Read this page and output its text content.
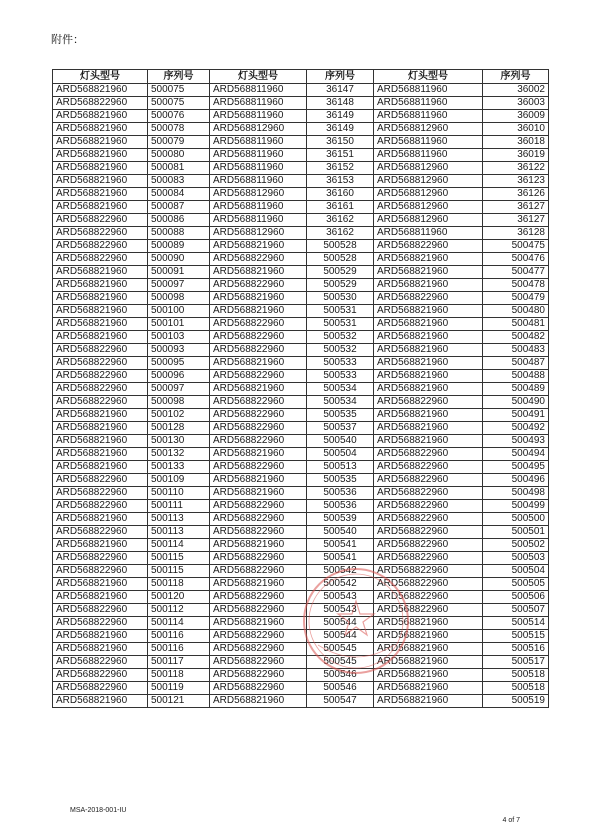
附件：
灯头型号	序列号	灯头型号	序列号	灯头型号	序列号
ARD568821960	500075	ARD568811960	36147	ARD568811960	36002
ARD568822960	500075	ARD568811960	36148	ARD568811960	36003
ARD568821960	500076	ARD568811960	36149	ARD568811960	36009
ARD568821960	500078	ARD568812960	36149	ARD568812960	36010
ARD568821960	500079	ARD568811960	36150	ARD568811960	36018
ARD568821960	500080	ARD568811960	36151	ARD568811960	36019
ARD568821960	500081	ARD568811960	36152	ARD568812960	36122
ARD568821960	500083	ARD568811960	36153	ARD568812960	36123
ARD568821960	500084	ARD568812960	36160	ARD568812960	36126
ARD568821960	500087	ARD568811960	36161	ARD568812960	36127
ARD568822960	500086	ARD568811960	36162	ARD568812960	36127
ARD568822960	500088	ARD568812960	36162	ARD568811960	36128
ARD568822960	500089	ARD568821960	500528	ARD568822960	500475
ARD568822960	500090	ARD568822960	500528	ARD568821960	500476
ARD568821960	500091	ARD568821960	500529	ARD568821960	500477
ARD568821960	500097	ARD568822960	500529	ARD568821960	500478
ARD568821960	500098	ARD568821960	500530	ARD568822960	500479
ARD568821960	500100	ARD568821960	500531	ARD568821960	500480
ARD568821960	500101	ARD568822960	500531	ARD568821960	500481
ARD568821960	500103	ARD568822960	500532	ARD568821960	500482
ARD568822960	500093	ARD568822960	500532	ARD568821960	500483
ARD568822960	500095	ARD568821960	500533	ARD568821960	500487
ARD568822960	500096	ARD568822960	500533	ARD568821960	500488
ARD568822960	500097	ARD568821960	500534	ARD568821960	500489
ARD568822960	500098	ARD568822960	500534	ARD568822960	500490
ARD568821960	500102	ARD568822960	500535	ARD568821960	500491
ARD568821960	500128	ARD568822960	500537	ARD568821960	500492
ARD568821960	500130	ARD568822960	500540	ARD568821960	500493
ARD568821960	500132	ARD568821960	500504	ARD568822960	500494
ARD568821960	500133	ARD568822960	500513	ARD568822960	500495
ARD568822960	500109	ARD568821960	500535	ARD568822960	500496
ARD568822960	500110	ARD568821960	500536	ARD568822960	500498
ARD568822960	500111	ARD568822960	500536	ARD568822960	500499
ARD568821960	500113	ARD568822960	500539	ARD568822960	500500
ARD568822960	500113	ARD568822960	500540	ARD568822960	500501
ARD568821960	500114	ARD568821960	500541	ARD568822960	500502
ARD568822960	500115	ARD568822960	500541	ARD568822960	500503
ARD568822960	500115	ARD568822960	500542	ARD568822960	500504
ARD568821960	500118	ARD568821960	500542	ARD568822960	500505
ARD568821960	500120	ARD568822960	500543	ARD568822960	500506
ARD568822960	500112	ARD568822960	500543	ARD568822960	500507
ARD568822960	500114	ARD568821960	500544	ARD568821960	500514
ARD568821960	500116	ARD568822960	500544	ARD568821960	500515
ARD568821960	500116	ARD568822960	500545	ARD568821960	500516
ARD568822960	500117	ARD568822960	500545	ARD568821960	500517
ARD568822960	500118	ARD568822960	500546	ARD568821960	500518
ARD568822960	500119	ARD568822960	500546	ARD568821960	500518
ARD568821960	500121	ARD568821960	500547	ARD568821960	500519
MSA-2018-001-IU
4 of 7
